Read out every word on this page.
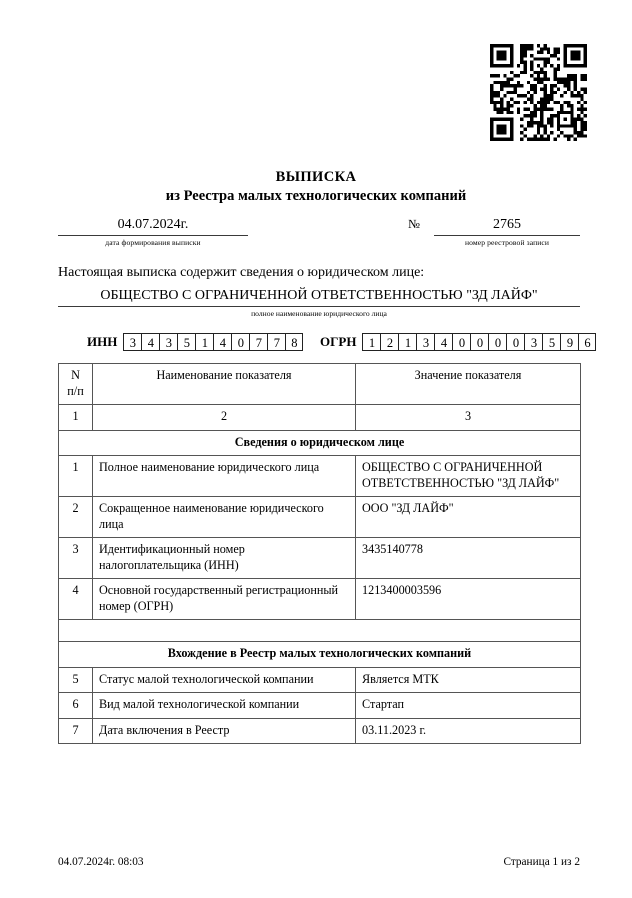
ВЫПИСКА
из Реестра малых технологических компаний
04.07.2024г.
дата формирования выписки
№	2765
номер реестровой записи
Настоящая выписка содержит сведения о юридическом лице:
ОБЩЕСТВО С ОГРАНИЧЕННОЙ ОТВЕТСТВЕННОСТЬЮ "ЗД ЛАЙФ"
полное наименование юридического лица
ИНН 3 4 3 5 1 4 0 7 7 8	ОГРН 1 2 1 3 4 0 0 0 0 3 5 9 6
N
п/п	Наименование показателя	Значение показателя
1	2	3
Сведения о юридическом лице		
1	Полное наименование юридического лица	ОБЩЕСТВО С ОГРАНИЧЕННОЙ ОТВЕТСТВЕННОСТЬЮ "ЗД ЛАЙФ"
2	Сокращенное наименование юридического лица	ООО "ЗД ЛАЙФ"
3	Идентификационный номер налогоплательщика (ИНН)	3435140778
4	Основной государственный регистрационный номер (ОГРН)	1213400003596

Вхождение в Реестр малых технологических компаний		
5	Статус малой технологической компании	Является МТК
6	Вид малой технологической компании	Стартап
7	Дата включения в Реестр	03.11.2023 г.
04.07.2024г. 08:03	Страница 1 из 2
